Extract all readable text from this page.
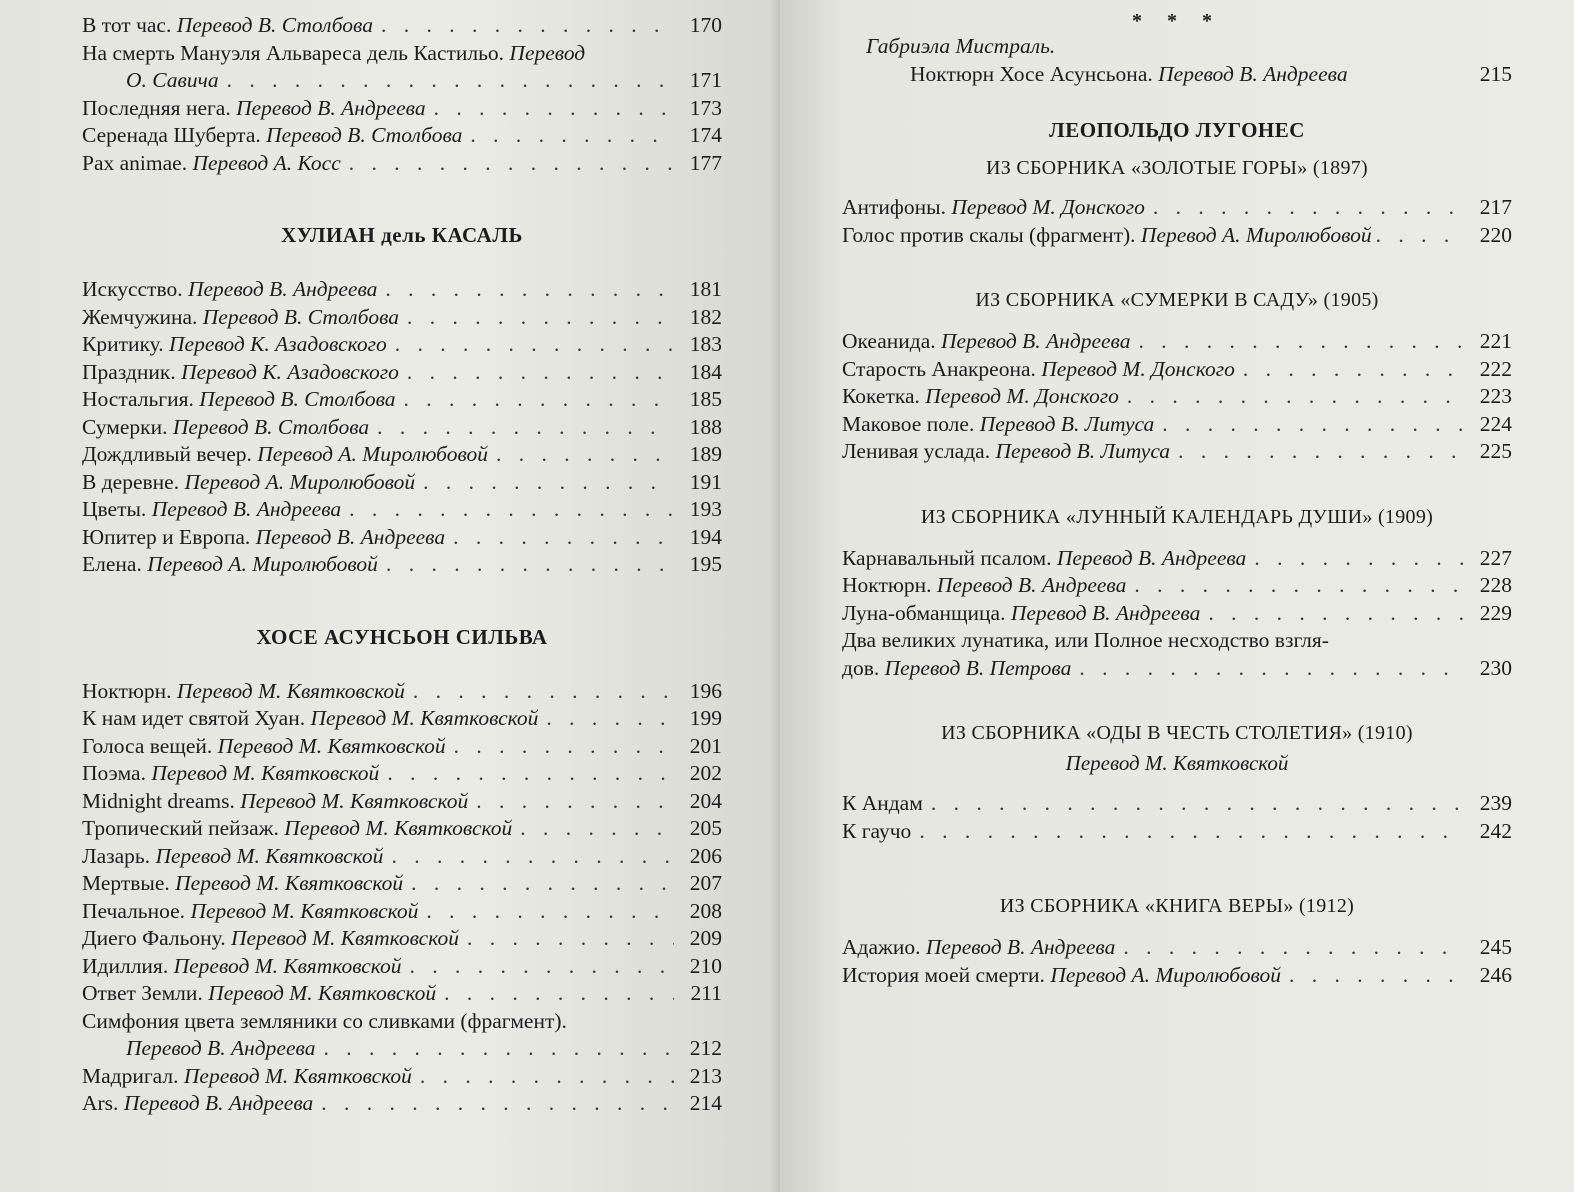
В тот час. Перевод В. Столбова . . .	170
На смерть Мануэля Альвареса дель Кастильо. Перевод
О. Савича . . .	171
Последняя нега. Перевод В. Андреева . . .	173
Серенада Шуберта. Перевод В. Столбова . . .	174
Pax animae. Перевод А. Косс . . .	177
ХУЛИАН дель КАСАЛЬ
Искусство. Перевод В. Андреева . . .	181
Жемчужина. Перевод В. Столбова . . .	182
Критику. Перевод К. Азадовского . . .	183
Праздник. Перевод К. Азадовского . . .	184
Ностальгия. Перевод В. Столбова . . .	185
Сумерки. Перевод В. Столбова . . .	188
Дождливый вечер. Перевод А. Миролюбовой . . .	189
В деревне. Перевод А. Миролюбовой . . .	191
Цветы. Перевод В. Андреева . . .	193
Юпитер и Европа. Перевод В. Андреева . . .	194
Елена. Перевод А. Миролюбовой . . .	195
ХОСЕ АСУНСЬОН СИЛЬВА
Ноктюрн. Перевод М. Квятковской . . .	196
К нам идет святой Хуан. Перевод М. Квятковской . . .	199
Голоса вещей. Перевод М. Квятковской . . .	201
Поэма. Перевод М. Квятковской . . .	202
Midnight dreams. Перевод М. Квятковской . . .	204
Тропический пейзаж. Перевод М. Квятковской . . .	205
Лазарь. Перевод М. Квятковской . . .	206
Мертвые. Перевод М. Квятковской . . .	207
Печальное. Перевод М. Квятковской . . .	208
Диего Фальону. Перевод М. Квятковской . . .	209
Идиллия. Перевод М. Квятковской . . .	210
Ответ Земли. Перевод М. Квятковской . . .	211
Симфония цвета земляники со сливками (фрагмент).
Перевод В. Андреева . . .	212
Мадригал. Перевод М. Квятковской . . .	213
Ars. Перевод В. Андреева . . .	214
* * *
Габриэла Мистраль.
Ноктюрн Хосе Асунсьона. Перевод В. Андреева	215
ЛЕОПОЛЬДО ЛУГОНЕС
ИЗ СБОРНИКА «ЗОЛОТЫЕ ГОРЫ» (1897)
Антифоны. Перевод М. Донского . . .	217
Голос против скалы (фрагмент). Перевод А. Миролюбовой . . .	220
ИЗ СБОРНИКА «СУМЕРКИ В САДУ» (1905)
Океанида. Перевод В. Андреева . . .	221
Старость Анакреона. Перевод М. Донского . . .	222
Кокетка. Перевод М. Донского . . .	223
Маковое поле. Перевод В. Литуса . . .	224
Ленивая услада. Перевод В. Литуса . . .	225
ИЗ СБОРНИКА «ЛУННЫЙ КАЛЕНДАРЬ ДУШИ» (1909)
Карнавальный псалом. Перевод В. Андреева . . .	227
Ноктюрн. Перевод В. Андреева . . .	228
Луна-обманщица. Перевод В. Андреева . . .	229
Два великих лунатика, или Полное несходство взгля-
дов. Перевод В. Петрова . . .	230
ИЗ СБОРНИКА «ОДЫ В ЧЕСТЬ СТОЛЕТИЯ» (1910)
Перевод М. Квятковской
К Андам . . .	239
К гаучо . . .	242
ИЗ СБОРНИКА «КНИГА ВЕРЫ» (1912)
Адажио. Перевод В. Андреева . . .	245
История моей смерти. Перевод А. Миролюбовой . . .	246
